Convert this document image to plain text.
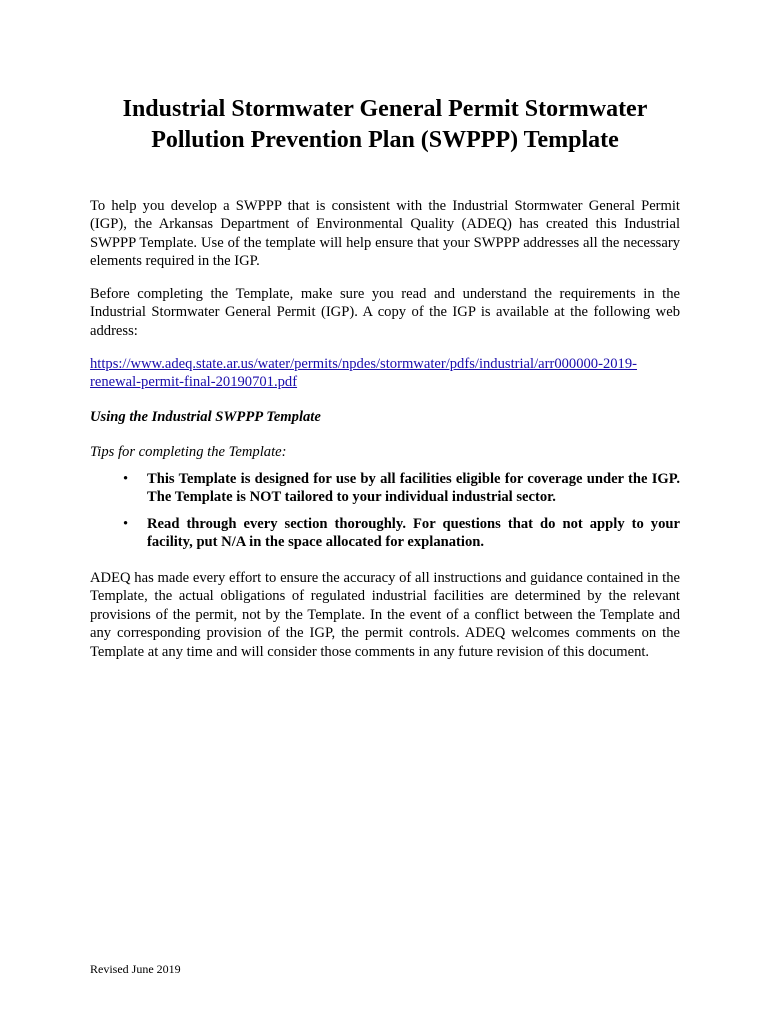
Industrial Stormwater General Permit Stormwater
Pollution Prevention Plan (SWPPP) Template

To help you develop a SWPPP that is consistent with the Industrial Stormwater General Permit (IGP), the Arkansas Department of Environmental Quality (ADEQ) has created this Industrial SWPPP Template. Use of the template will help ensure that your SWPPP addresses all the necessary elements required in the IGP.

Before completing the Template, make sure you read and understand the requirements in the Industrial Stormwater General Permit (IGP). A copy of the IGP is available at the following web address:

https://www.adeq.state.ar.us/water/permits/npdes/stormwater/pdfs/industrial/arr000000-2019-
renewal-permit-final-20190701.pdf

Using the Industrial SWPPP Template

Tips for completing the Template:

• This Template is designed for use by all facilities eligible for coverage under the IGP. The Template is NOT tailored to your individual industrial sector.
• Read through every section thoroughly. For questions that do not apply to your facility, put N/A in the space allocated for explanation.

ADEQ has made every effort to ensure the accuracy of all instructions and guidance contained in the Template, the actual obligations of regulated industrial facilities are determined by the relevant provisions of the permit, not by the Template. In the event of a conflict between the Template and any corresponding provision of the IGP, the permit controls. ADEQ welcomes comments on the Template at any time and will consider those comments in any future revision of this document.

Revised June 2019
